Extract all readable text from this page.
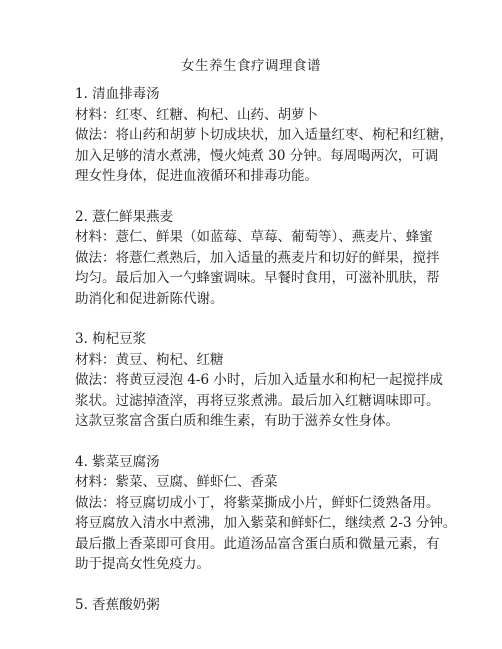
女生养生食疗调理食谱
1. 清血排毒汤
材料：红枣、红糖、枸杞、山药、胡萝卜
做法：将山药和胡萝卜切成块状，加入适量红枣、枸杞和红糖，
加入足够的清水煮沸，慢火炖煮 30 分钟。每周喝两次，可调
理女性身体，促进血液循环和排毒功能。
2. 薏仁鲜果燕麦
材料：薏仁、鲜果（如蓝莓、草莓、葡萄等）、燕麦片、蜂蜜
做法：将薏仁煮熟后，加入适量的燕麦片和切好的鲜果，搅拌
均匀。最后加入一勺蜂蜜调味。早餐时食用，可滋补肌肤，帮
助消化和促进新陈代谢。
3. 枸杞豆浆
材料：黄豆、枸杞、红糖
做法：将黄豆浸泡 4-6 小时，后加入适量水和枸杞一起搅拌成
浆状。过滤掉渣滓，再将豆浆煮沸。最后加入红糖调味即可。
这款豆浆富含蛋白质和维生素，有助于滋养女性身体。
4. 紫菜豆腐汤
材料：紫菜、豆腐、鲜虾仁、香菜
做法：将豆腐切成小丁，将紫菜撕成小片，鲜虾仁烫熟备用。
将豆腐放入清水中煮沸，加入紫菜和鲜虾仁，继续煮 2-3 分钟。
最后撒上香菜即可食用。此道汤品富含蛋白质和微量元素，有
助于提高女性免疫力。
5. 香蕉酸奶粥
